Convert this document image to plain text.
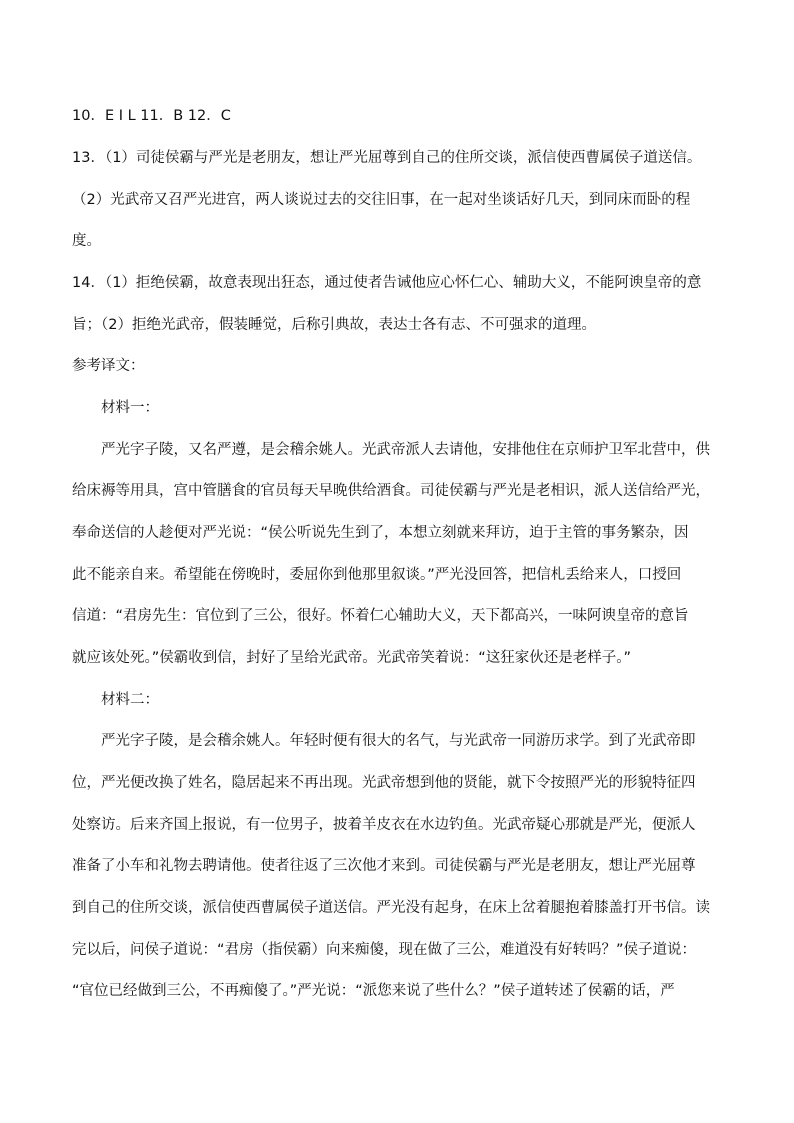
10．E I L 11．B 12．C
13．（1）司徒侯霸与严光是老朋友，想让严光屈尊到自己的住所交谈，派信使西曹属侯子道送信。
（2）光武帝又召严光进宫，两人谈说过去的交往旧事，在一起对坐谈话好几天，到同床而卧的程
度。
14．（1）拒绝侯霸，故意表现出狂态，通过使者告诫他应心怀仁心、辅助大义，不能阿谀皇帝的意
旨；（2）拒绝光武帝，假装睡觉，后称引典故，表达士各有志、不可强求的道理。
参考译文：
材料一：
严光字子陵，又名严遵，是会稽余姚人。光武帝派人去请他，安排他住在京师护卫军北营中，供
给床褥等用具，宫中管膳食的官员每天早晚供给酒食。司徒侯霸与严光是老相识，派人送信给严光，
奉命送信的人趁便对严光说：“侯公听说先生到了，本想立刻就来拜访，迫于主管的事务繁杂，因
此不能亲自来。希望能在傍晚时，委屈你到他那里叙谈。”严光没回答，把信札丢给来人，口授回
信道：“君房先生：官位到了三公，很好。怀着仁心辅助大义，天下都高兴，一味阿谀皇帝的意旨
就应该处死。”侯霸收到信，封好了呈给光武帝。光武帝笑着说：“这狂家伙还是老样子。”
材料二：
严光字子陵，是会稽余姚人。年轻时便有很大的名气，与光武帝一同游历求学。到了光武帝即
位，严光便改换了姓名，隐居起来不再出现。光武帝想到他的贤能，就下令按照严光的形貌特征四
处察访。后来齐国上报说，有一位男子，披着羊皮衣在水边钓鱼。光武帝疑心那就是严光，便派人
准备了小车和礼物去聘请他。使者往返了三次他才来到。司徒侯霸与严光是老朋友，想让严光屈尊
到自己的住所交谈，派信使西曹属侯子道送信。严光没有起身，在床上岔着腿抱着膝盖打开书信。读
完以后，问侯子道说：“君房（指侯霸）向来痴傻，现在做了三公，难道没有好转吗？”侯子道说：
“官位已经做到三公，不再痴傻了。”严光说：“派您来说了些什么？”侯子道转述了侯霸的话，严
